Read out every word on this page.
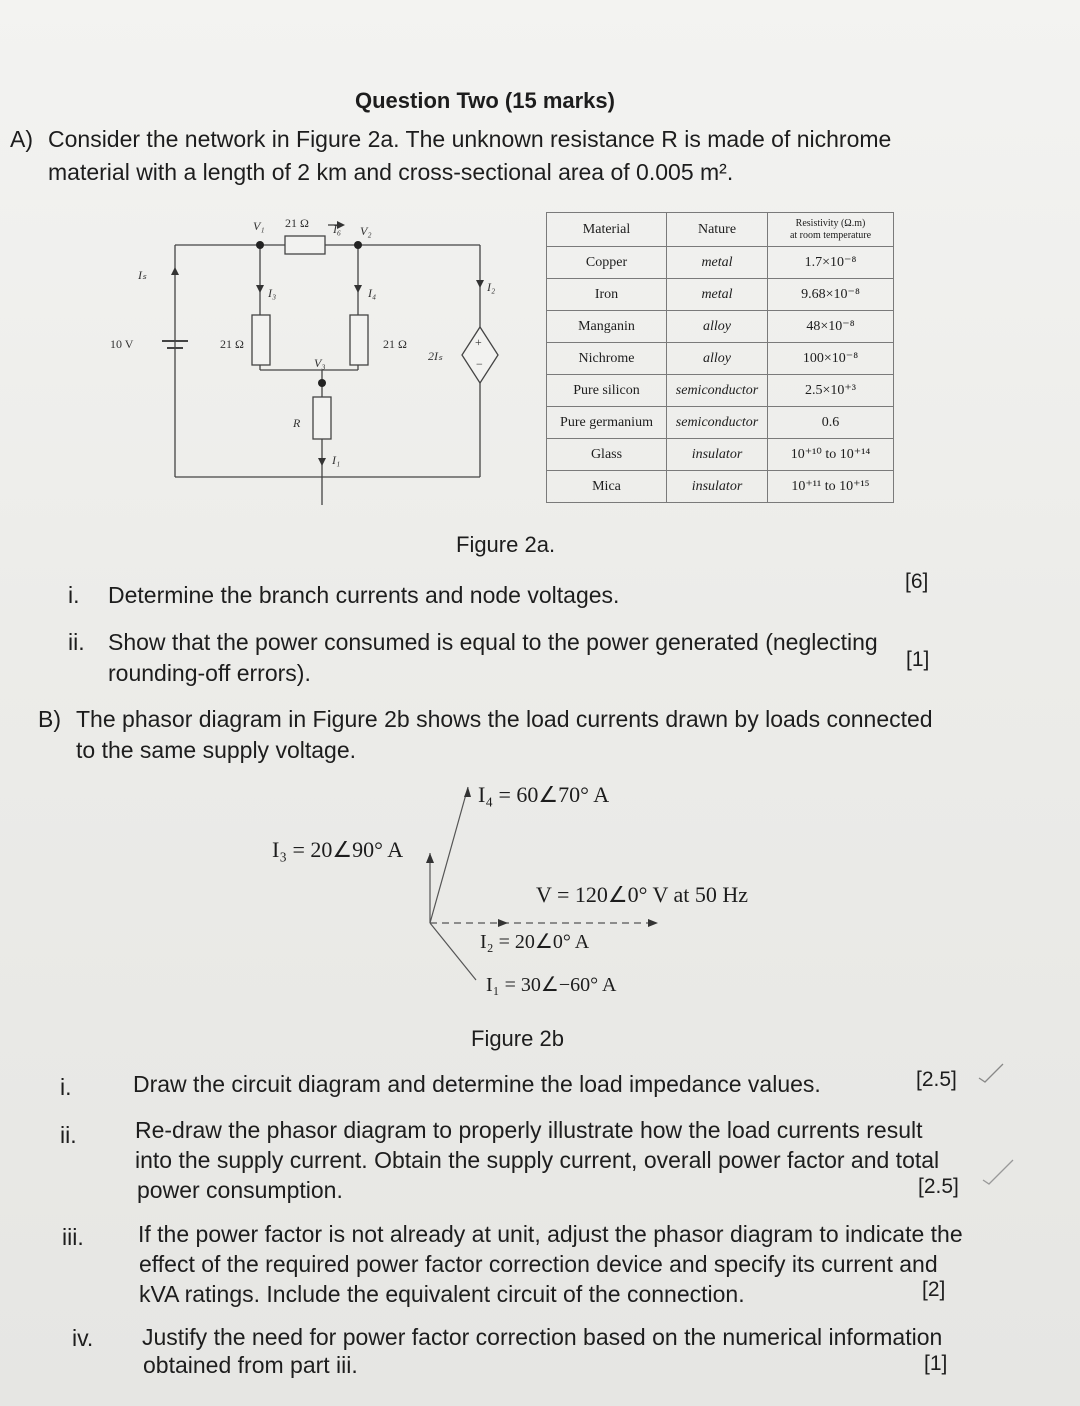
Question Two (15 marks)
A) Consider the network in Figure 2a. The unknown resistance R is made of nichrome
material with a length of 2 km and cross-sectional area of 0.005 m².
V₁ 21 Ω I₆ V₂
Iₛ
I₃	I₄	I₂
10 V	21 Ω	21 Ω
2Iₛ
+
−
V₃
R
I₁
Material	Nature	Resistivity (Ω.m)
at room temperature

Copper	metal	1.7×10⁻⁸
Iron	metal	9.68×10⁻⁸
Manganin	alloy	48×10⁻⁸
Nichrome	alloy	100×10⁻⁸
Pure silicon	semiconductor	2.5×10⁺³
Pure germanium	semiconductor	0.6
Glass	insulator	10⁺¹⁰ to 10⁺¹⁴
Mica	insulator	10⁺¹¹ to 10⁺¹⁵
Figure 2a.
i. Determine the branch currents and node voltages.
[6]
ii. Show that the power consumed is equal to the power generated (neglecting
rounding-off errors).
[1]
B) The phasor diagram in Figure 2b shows the load currents drawn by loads connected
to the same supply voltage.
I₄ = 60∠70° A
I₃ = 20∠90° A
V = 120∠0° V at 50 Hz
I₂ = 20∠0° A
I₁ = 30∠−60° A
Figure 2b
i.	Draw the circuit diagram and determine the load impedance values.	[2.5]
ii.	Re-draw the phasor diagram to properly illustrate how the load currents result
into the supply current. Obtain the supply current, overall power factor and total
power consumption.	[2.5]
iii. If the power factor is not already at unit, adjust the phasor diagram to indicate the
effect of the required power factor correction device and specify its current and
kVA ratings. Include the equivalent circuit of the connection.	[2]
iv. Justify the need for power factor correction based on the numerical information
obtained from part iii.	[1]
